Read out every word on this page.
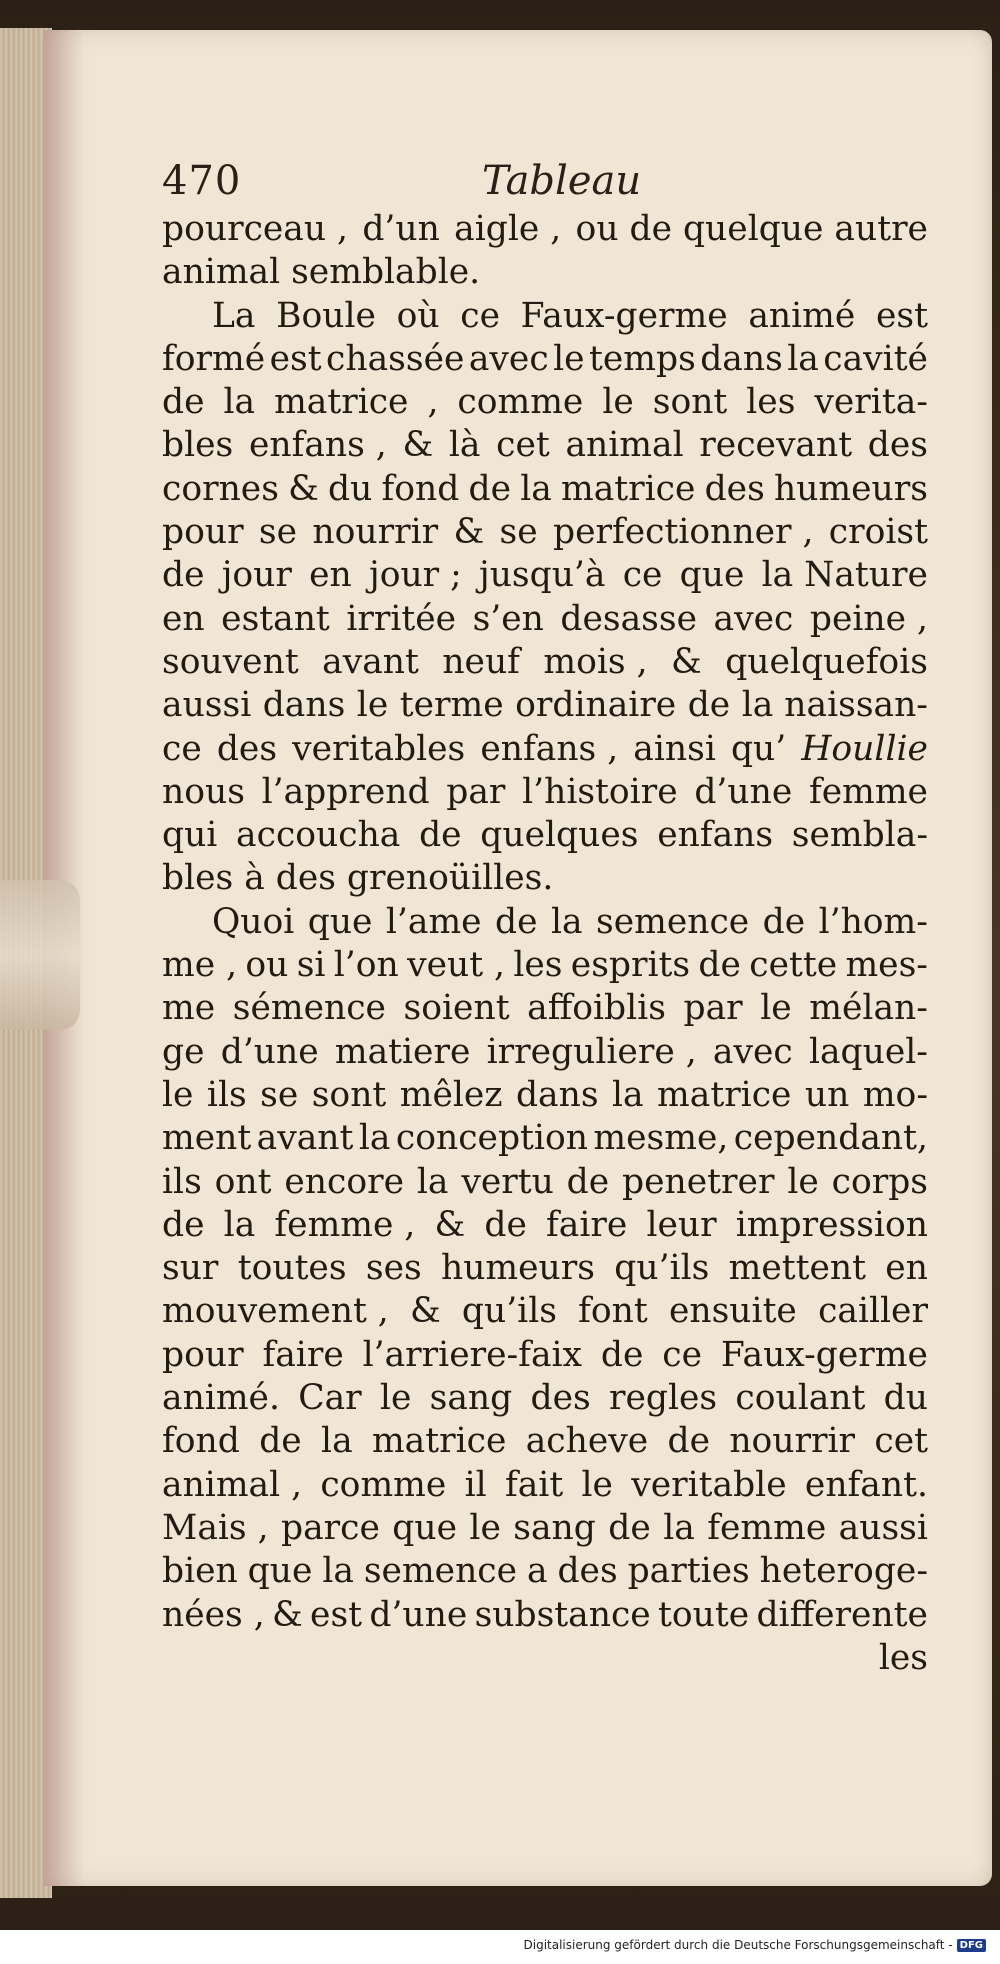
470	Tableau
pourceau , d’un aigle , ou de quelque autre
animal semblable.
La Boule où ce Faux-germe animé est
formé est chassée avec le temps dans la cavité
de la matrice , comme le sont les verita-
bles enfans , & là cet animal recevant des
cornes & du fond de la matrice des humeurs
pour se nourrir & se perfectionner , croist
de jour en jour ; jusqu’à ce que la Nature
en estant irritée s’en desasse avec peine ,
souvent avant neuf mois , & quelquefois
aussi dans le terme ordinaire de la naissan-
ce des veritables enfans , ainsi qu’ Houllie
nous l’apprend par l’histoire d’une femme
qui accoucha de quelques enfans sembla-
bles à des grenoüilles.
Quoi que l’ame de la semence de l’hom-
me , ou si l’on veut , les esprits de cette mes-
me sémence soient affoiblis par le mélan-
ge d’une matiere irreguliere , avec laquel-
le ils se sont mêlez dans la matrice un mo-
ment avant la conception mesme, cependant,
ils ont encore la vertu de penetrer le corps
de la femme , & de faire leur impression
sur toutes ses humeurs qu’ils mettent en
mouvement , & qu’ils font ensuite cailler
pour faire l’arriere-faix de ce Faux-germe
animé. Car le sang des regles coulant du
fond de la matrice acheve de nourrir cet
animal , comme il fait le veritable enfant.
Mais , parce que le sang de la femme aussi
bien que la semence a des parties heteroge-
nées , & est d’une substance toute differente
les
Digitalisierung gefördert durch die Deutsche Forschungsgemeinschaft - DFG
